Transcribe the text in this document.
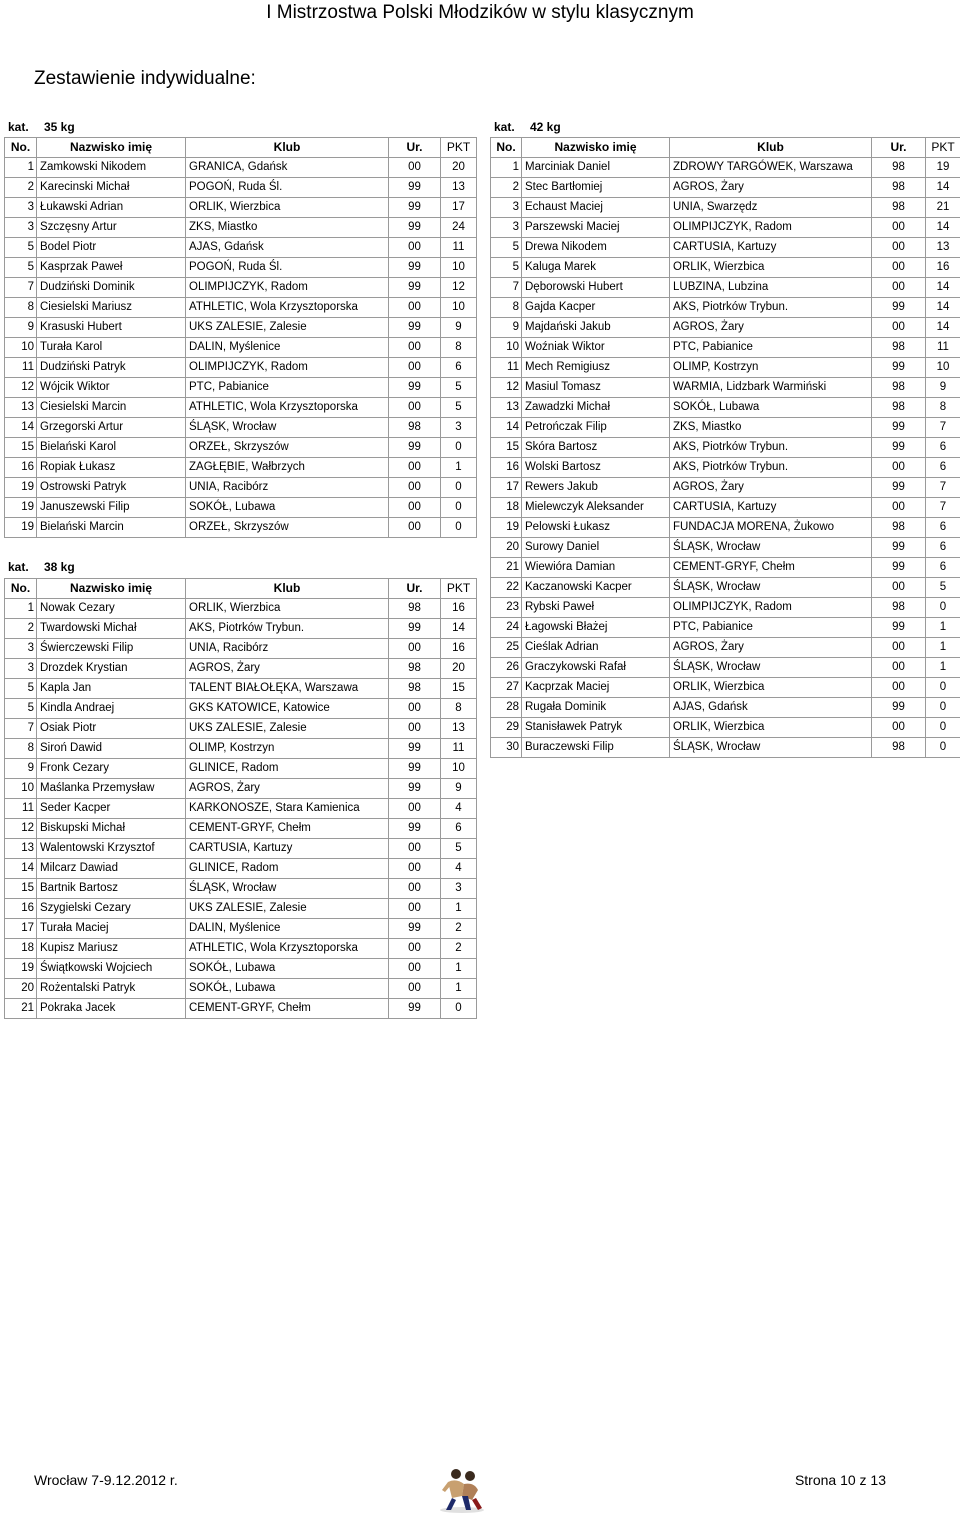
I Mistrzostwa Polski Młodzików w stylu klasycznym
Zestawienie indywidualne:
kat. 35 kg
No.	Nazwisko imię	Klub	Ur.	PKT
1	Zamkowski Nikodem	GRANICA, Gdańsk	00	20
2	Karecinski Michał	POGOŃ, Ruda Śl.	99	13
3	Łukawski Adrian	ORLIK, Wierzbica	99	17
3	Szczęsny Artur	ZKS, Miastko	99	24
5	Bodel Piotr	AJAS, Gdańsk	00	11
5	Kasprzak Paweł	POGOŃ, Ruda Śl.	99	10
7	Dudziński Dominik	OLIMPIJCZYK, Radom	99	12
8	Ciesielski Mariusz	ATHLETIC, Wola Krzysztoporska	00	10
9	Krasuski Hubert	UKS ZALESIE, Zalesie	99	9
10	Turała Karol	DALIN, Myślenice	00	8
11	Dudziński Patryk	OLIMPIJCZYK, Radom	00	6
12	Wójcik Wiktor	PTC, Pabianice	99	5
13	Ciesielski Marcin	ATHLETIC, Wola Krzysztoporska	00	5
14	Grzegorski Artur	ŚLĄSK, Wrocław	98	3
15	Bielański Karol	ORZEŁ, Skrzyszów	99	0
16	Ropiak Łukasz	ZAGŁĘBIE, Wałbrzych	00	1
19	Ostrowski Patryk	UNIA, Racibórz	00	0
19	Januszewski Filip	SOKÓŁ, Lubawa	00	0
19	Bielański Marcin	ORZEŁ, Skrzyszów	00	0
kat. 38 kg
No.	Nazwisko imię	Klub	Ur.	PKT
1	Nowak Cezary	ORLIK, Wierzbica	98	16
2	Twardowski Michał	AKS, Piotrków Trybun.	99	14
3	Świerczewski Filip	UNIA, Racibórz	00	16
3	Drozdek Krystian	AGROS, Żary	98	20
5	Kapla Jan	TALENT BIAŁOŁĘKA, Warszawa	98	15
5	Kindla Andraej	GKS KATOWICE, Katowice	00	8
7	Osiak Piotr	UKS ZALESIE, Zalesie	00	13
8	Siroń Dawid	OLIMP, Kostrzyn	99	11
9	Fronk Cezary	GLINICE, Radom	99	10
10	Maślanka Przemysław	AGROS, Żary	99	9
11	Seder Kacper	KARKONOSZE, Stara Kamienica	00	4
12	Biskupski Michał	CEMENT-GRYF, Chełm	99	6
13	Walentowski Krzysztof	CARTUSIA, Kartuzy	00	5
14	Milcarz Dawiad	GLINICE, Radom	00	4
15	Bartnik Bartosz	ŚLĄSK, Wrocław	00	3
16	Szygielski Cezary	UKS ZALESIE, Zalesie	00	1
17	Turała Maciej	DALIN, Myślenice	99	2
18	Kupisz Mariusz	ATHLETIC, Wola Krzysztoporska	00	2
19	Świątkowski Wojciech	SOKÓŁ, Lubawa	00	1
20	Rożentalski Patryk	SOKÓŁ, Lubawa	00	1
21	Pokraka Jacek	CEMENT-GRYF, Chełm	99	0
kat. 42 kg
No.	Nazwisko imię	Klub	Ur.	PKT
1	Marciniak Daniel	ZDROWY TARGÓWEK, Warszawa	98	19
2	Stec Bartłomiej	AGROS, Żary	98	14
3	Echaust Maciej	UNIA, Swarzędz	98	21
3	Parszewski Maciej	OLIMPIJCZYK, Radom	00	14
5	Drewa Nikodem	CARTUSIA, Kartuzy	00	13
5	Kaluga Marek	ORLIK, Wierzbica	00	16
7	Dęborowski Hubert	LUBZINA, Lubzina	00	14
8	Gajda Kacper	AKS, Piotrków Trybun.	99	14
9	Majdański Jakub	AGROS, Żary	00	14
10	Woźniak Wiktor	PTC, Pabianice	98	11
11	Mech Remigiusz	OLIMP, Kostrzyn	99	10
12	Masiul Tomasz	WARMIA, Lidzbark Warmiński	98	9
13	Zawadzki Michał	SOKÓŁ, Lubawa	98	8
14	Petrończak Filip	ZKS, Miastko	99	7
15	Skóra Bartosz	AKS, Piotrków Trybun.	99	6
16	Wolski Bartosz	AKS, Piotrków Trybun.	00	6
17	Rewers Jakub	AGROS, Żary	99	7
18	Mielewczyk Aleksander	CARTUSIA, Kartuzy	00	7
19	Pelowski Łukasz	FUNDACJA MORENA, Żukowo	98	6
20	Surowy Daniel	ŚLĄSK, Wrocław	99	6
21	Wiewióra Damian	CEMENT-GRYF, Chełm	99	6
22	Kaczanowski Kacper	ŚLĄSK, Wrocław	00	5
23	Rybski Paweł	OLIMPIJCZYK, Radom	98	0
24	Łagowski Błażej	PTC, Pabianice	99	1
25	Cieślak Adrian	AGROS, Żary	00	1
26	Graczykowski Rafał	ŚLĄSK, Wrocław	00	1
27	Kacprzak Maciej	ORLIK, Wierzbica	00	0
28	Rugała Dominik	AJAS, Gdańsk	99	0
29	Stanisławek Patryk	ORLIK, Wierzbica	00	0
30	Buraczewski Filip	ŚLĄSK, Wrocław	98	0
Wrocław 7-9.12.2012 r.	Strona 10 z 13
